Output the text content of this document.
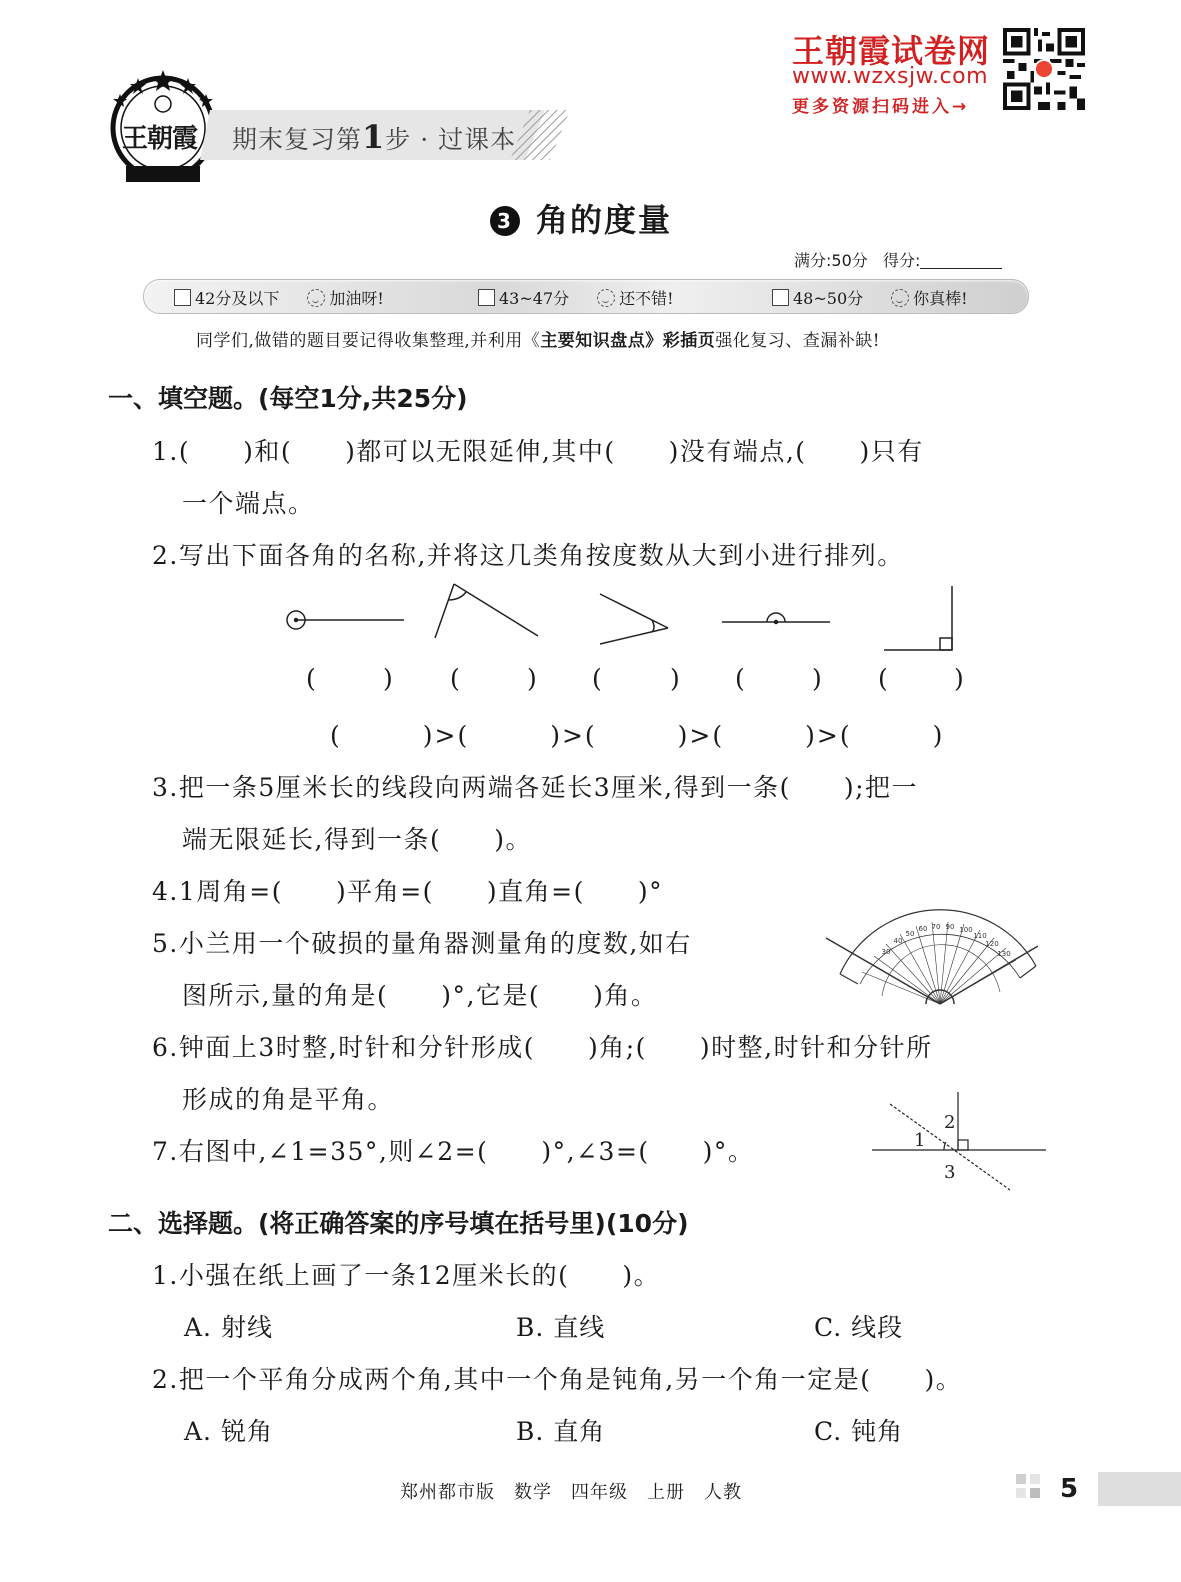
王朝霞 期末复习第1步 · 过课本
王朝霞试卷网
www.wzxsjw.com
更多资源扫码进入→
3 角的度量
满分:50分 得分:
42分及以下	加油呀!	43~47分	还不错!	48~50分	你真棒!
同学们,做错的题目要记得收集整理,并利用《主要知识盘点》彩插页强化复习、查漏补缺!
一、填空题。(每空1分,共25分)
1.(　　)和(　　)都可以无限延伸,其中(　　)没有端点,(　　)只有
一个端点。
2.写出下面各角的名称,并将这几类角按度数从大到小进行排列。
(	) (	) (	) (	) (	)
(　　　)>(　　　)>(　　　)>(　　　)>(　　　)
3.把一条5厘米长的线段向两端各延长3厘米,得到一条(　　);把一
端无限延长,得到一条(　　)。
4.1周角=(　　)平角=(　　)直角=(　　)°
5.小兰用一个破损的量角器测量角的度数,如右
图所示,量的角是(　　)°,它是(　　)角。
30
40
50
60 70 90 100
110
120
130
6.钟面上3时整,时针和分针形成(　　)角;(　　)时整,时针和分针所
形成的角是平角。
7.右图中,∠1=35°,则∠2=(　　)°,∠3=(　　)°。	1
2
3
二、选择题。(将正确答案的序号填在括号里)(10分)
1.小强在纸上画了一条12厘米长的(　　)。
A. 射线	B. 直线	C. 线段
2.把一个平角分成两个角,其中一个角是钝角,另一个角一定是(　　)。
A. 锐角	B. 直角	C. 钝角
郑州都市版　数学　四年级　上册　人教	5
